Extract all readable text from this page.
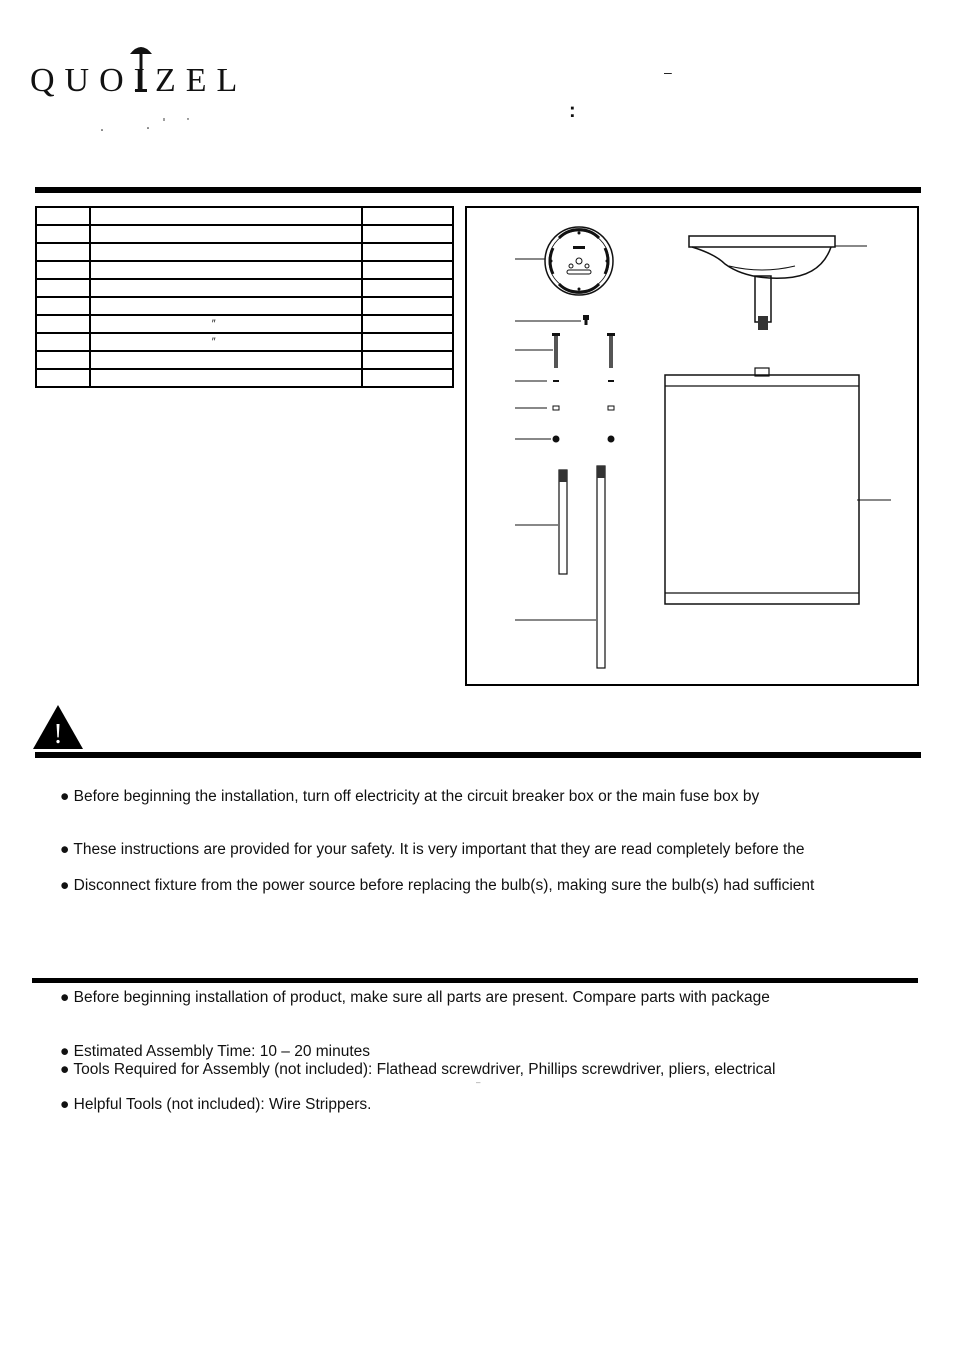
QUOIZEL	–
:

	″	

	″	

!
● Before beginning the installation, turn off electricity at the circuit breaker box or the main fuse box by
● These instructions are provided for your safety. It is very important that they are read completely before the
● Disconnect fixture from the power source before replacing the bulb(s), making sure the bulb(s) had sufficient
● Before beginning installation of product, make sure all parts are present. Compare parts with package
● Estimated Assembly Time: 10 – 20 minutes
● Tools Required for Assembly (not included): Flathead screwdriver, Phillips screwdriver, pliers, electrical
–
● Helpful Tools (not included): Wire Strippers.
